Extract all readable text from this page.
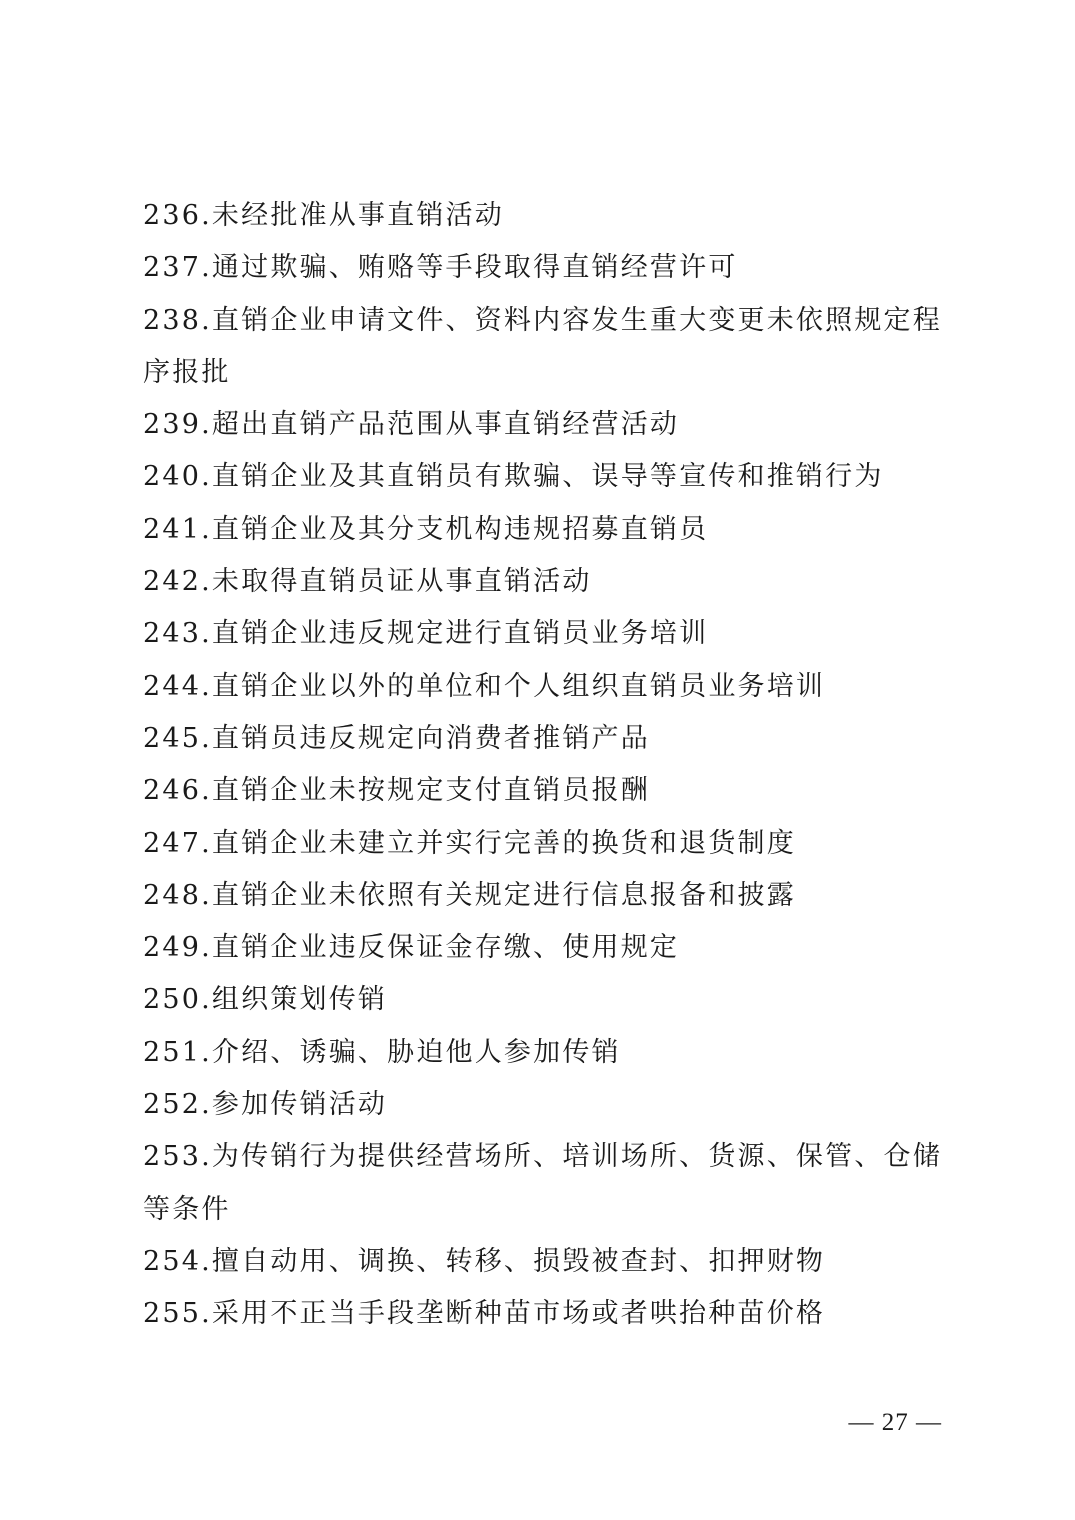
236.未经批准从事直销活动
237.通过欺骗、贿赂等手段取得直销经营许可
238.直销企业申请文件、资料内容发生重大变更未依照规定程序报批
239.超出直销产品范围从事直销经营活动
240.直销企业及其直销员有欺骗、误导等宣传和推销行为
241.直销企业及其分支机构违规招募直销员
242.未取得直销员证从事直销活动
243.直销企业违反规定进行直销员业务培训
244.直销企业以外的单位和个人组织直销员业务培训
245.直销员违反规定向消费者推销产品
246.直销企业未按规定支付直销员报酬
247.直销企业未建立并实行完善的换货和退货制度
248.直销企业未依照有关规定进行信息报备和披露
249.直销企业违反保证金存缴、使用规定
250.组织策划传销
251.介绍、诱骗、胁迫他人参加传销
252.参加传销活动
253.为传销行为提供经营场所、培训场所、货源、保管、仓储等条件
254.擅自动用、调换、转移、损毁被查封、扣押财物
255.采用不正当手段垄断种苗市场或者哄抬种苗价格
— 27 —
